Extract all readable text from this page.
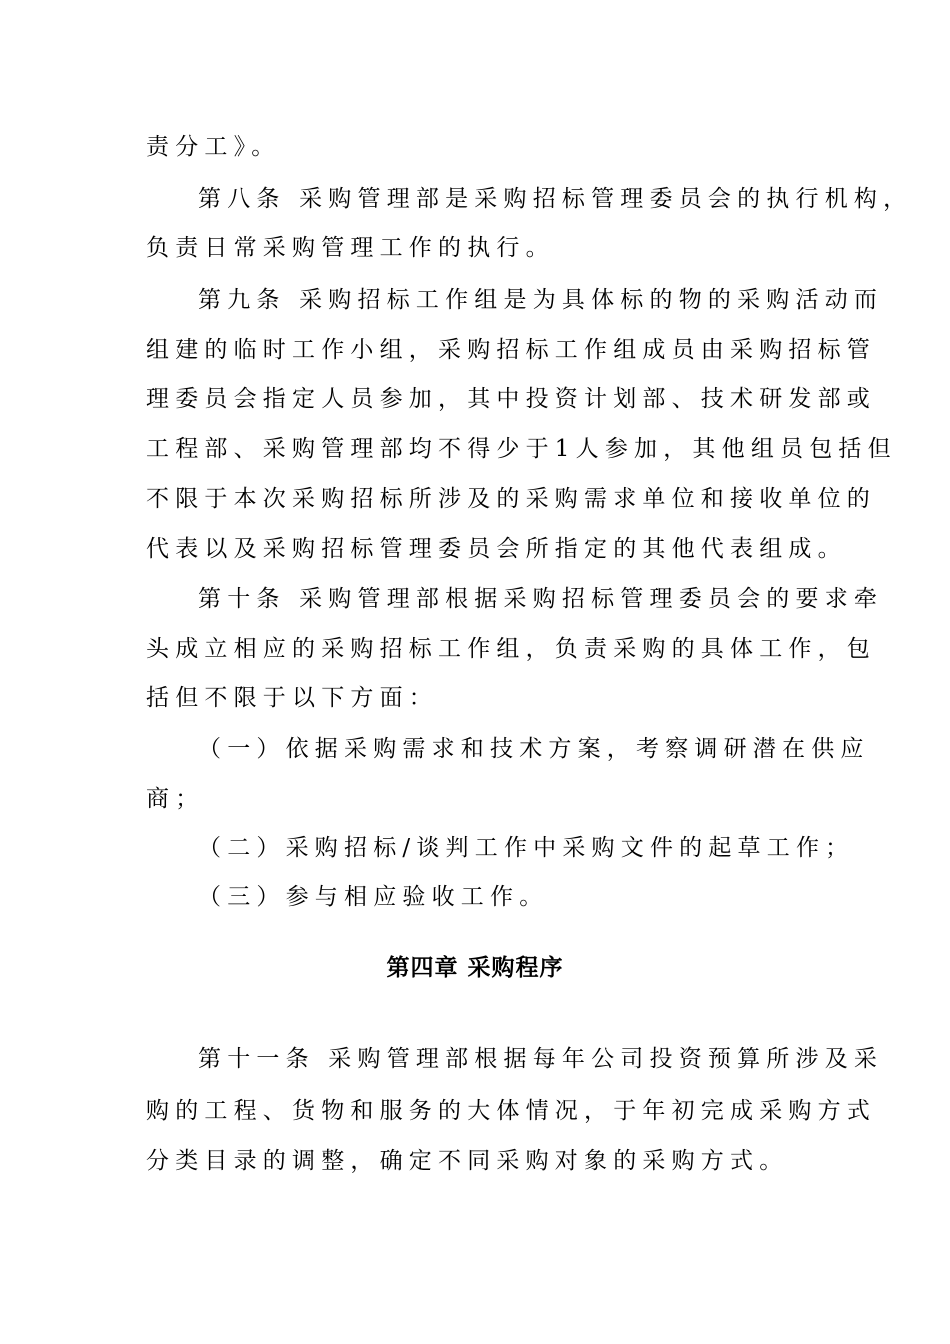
责分工》。
第八条 采购管理部是采购招标管理委员会的执行机构，
负责日常采购管理工作的执行。
第九条 采购招标工作组是为具体标的物的采购活动而
组建的临时工作小组，采购招标工作组成员由采购招标管
理委员会指定人员参加，其中投资计划部、技术研发部或
工程部、采购管理部均不得少于1人参加，其他组员包括但
不限于本次采购招标所涉及的采购需求单位和接收单位的
代表以及采购招标管理委员会所指定的其他代表组成。
第十条 采购管理部根据采购招标管理委员会的要求牵
头成立相应的采购招标工作组，负责采购的具体工作，包
括但不限于以下方面：
（一）依据采购需求和技术方案，考察调研潜在供应
商；
（二）采购招标/谈判工作中采购文件的起草工作；
（三）参与相应验收工作。
第四章 采购程序
第十一条 采购管理部根据每年公司投资预算所涉及采
购的工程、货物和服务的大体情况，于年初完成采购方式
分类目录的调整，确定不同采购对象的采购方式。
